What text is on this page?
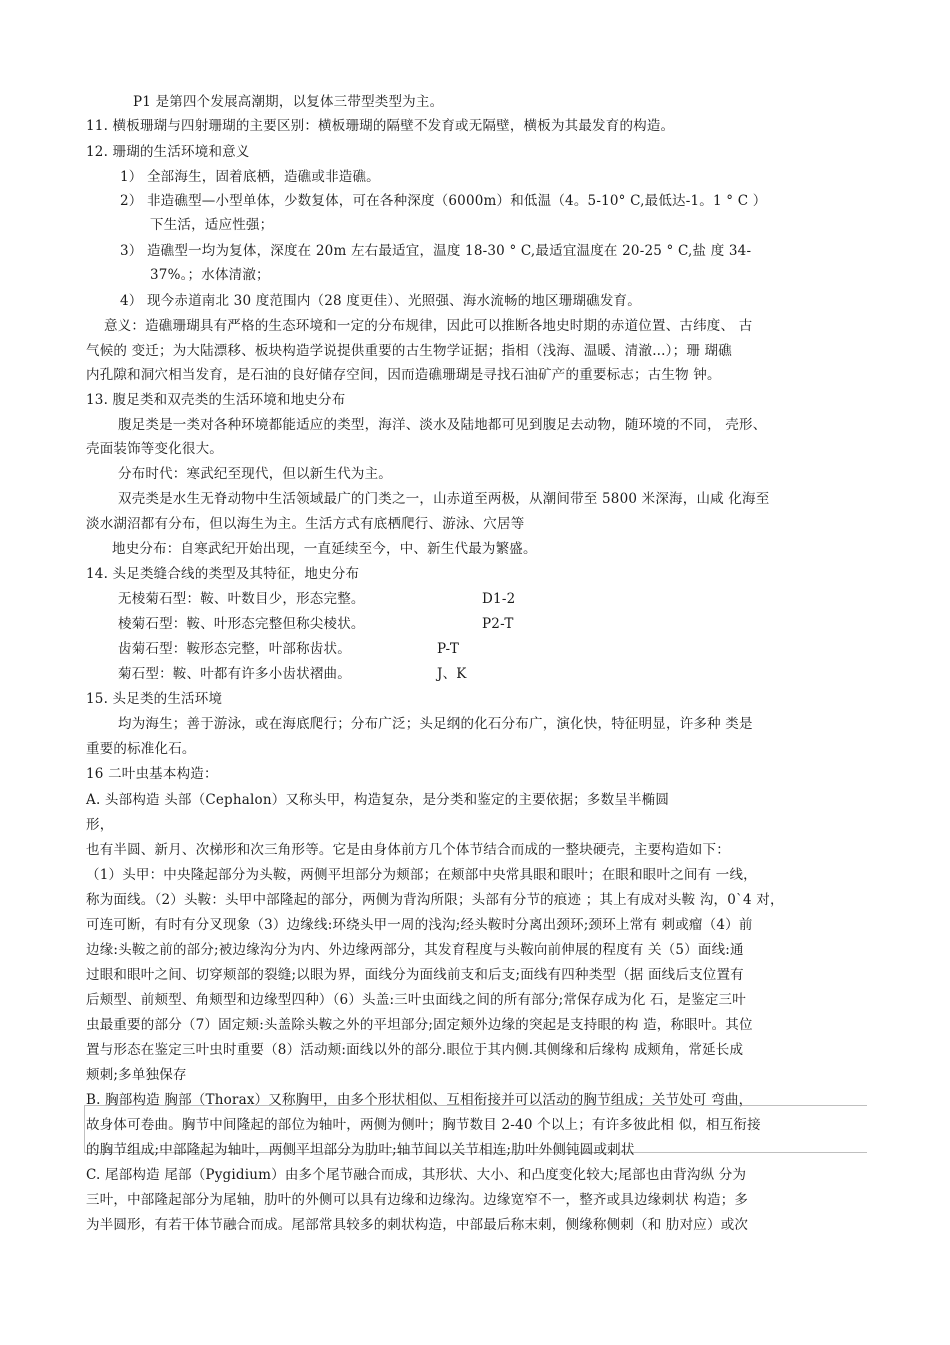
P1 是第四个发展高潮期，以复体三带型类型为主。
11. 横板珊瑚与四射珊瑚的主要区别：横板珊瑚的隔壁不发育或无隔壁，横板为其最发育的构造。
12. 珊瑚的生活环境和意义
1） 全部海生，固着底栖，造礁或非造礁。
2） 非造礁型—小型单体，少数复体，可在各种深度（6000m）和低温（4。5-10° C,最低达-1。1 ° C ）
下生活，适应性强；
3） 造礁型一均为复体，深度在 20m 左右最适宜，温度 18-30 ° C,最适宜温度在 20-25 ° C,盐 度 34-
37%。；水体清澈；
4） 现今赤道南北 30 度范围内（28 度更佳）、光照强、海水流畅的地区珊瑚礁发育。
意义：造礁珊瑚具有严格的生态环境和一定的分布规律，因此可以推断各地史时期的赤道位置、古纬度、 古
气候的 变迁；为大陆漂移、板块构造学说提供重要的古生物学证据；指相（浅海、温暖、清澈...）；珊 瑚礁
内孔隙和洞穴相当发育，是石油的良好储存空间，因而造礁珊瑚是寻找石油矿产的重要标志；古生物 钟。
13. 腹足类和双壳类的生活环境和地史分布
腹足类是一类对各种环境都能适应的类型，海洋、淡水及陆地都可见到腹足去动物，随环境的不同， 壳形、
壳面装饰等变化很大。
分布时代：寒武纪至现代，但以新生代为主。
双壳类是水生无脊动物中生活领域最广的门类之一，山赤道至两极，从潮间带至 5800 米深海，山咸 化海至
淡水湖沼都有分布，但以海生为主。生活方式有底栖爬行、游泳、穴居等
地史分布：自寒武纪开始出现，一直延续至今，中、新生代最为繁盛。
14. 头足类缝合线的类型及其特征，地史分布
无棱菊石型：鞍、叶数目少，形态完整。	D1-2
棱菊石型：鞍、叶形态完整但称尖棱状。	P2-T
齿菊石型：鞍形态完整，叶部称齿状。	P-T
菊石型：鞍、叶都有许多小齿状褶曲。	J、K
15. 头足类的生活环境
均为海生；善于游泳，或在海底爬行；分布广泛；头足纲的化石分布广，演化快，特征明显，许多种 类是
重要的标准化石。
16 二叶虫基本构造：
A. 头部构造 头部（Cephalon）又称头甲，构造复杂，是分类和鉴定的主要依据；多数呈半椭圆
形，
也有半圆、新月、次梯形和次三角形等。它是由身体前方几个体节结合而成的一整块硬壳，主要构造如下：
（1）头甲：中央隆起部分为头鞍，两侧平坦部分为颊部；在颊部中央常具眼和眼叶；在眼和眼叶之间有 一线，
称为面线。（2）头鞍：头甲中部隆起的部分，两侧为背沟所限；头部有分节的痕迹 ；其上有成对头鞍 沟，0`4 对，
可连可断，有时有分叉现象（3）边缘线:环绕头甲一周的浅沟;经头鞍时分离出颈环;颈环上常有 刺或瘤（4）前
边缘:头鞍之前的部分;被边缘沟分为内、外边缘两部分，其发育程度与头鞍向前伸展的程度有 关（5）面线:通
过眼和眼叶之间、切穿颊部的裂缝;以眼为界，面线分为面线前支和后支;面线有四种类型（据 面线后支位置有
后颊型、前颊型、角颊型和边缘型四种）（6）头盖:三叶虫面线之间的所有部分;常保存成为化 石，是鉴定三叶
虫最重要的部分（7）固定颊:头盖除头鞍之外的平坦部分;固定颊外边缘的突起是支持眼的构 造，称眼叶。其位
置与形态在鉴定三叶虫时重要（8）活动颊:面线以外的部分.眼位于其内侧.其侧缘和后缘构 成颊角，常延长成
颊刺;多单独保存
B. 胸部构造 胸部（Thorax）又称胸甲，由多个形状相似、互相衔接并可以活动的胸节组成；关节处可 弯曲，
故身体可卷曲。胸节中间隆起的部位为轴叶，两侧为侧叶；胸节数目 2-40 个以上；有许多彼此相 似，相互衔接
的胸节组成;中部隆起为轴叶，两侧平坦部分为肋叶;轴节间以关节相连;肋叶外侧钝圆或刺状
C. 尾部构造 尾部（Pygidium）由多个尾节融合而成，其形状、大小、和凸度变化较大;尾部也由背沟纵 分为
三叶，中部隆起部分为尾轴，肋叶的外侧可以具有边缘和边缘沟。边缘宽窄不一，整齐或具边缘刺状 构造；多
为半圆形，有若干体节融合而成。尾部常具较多的刺状构造，中部最后称末刺，侧缘称侧刺（和 肋对应）或次
